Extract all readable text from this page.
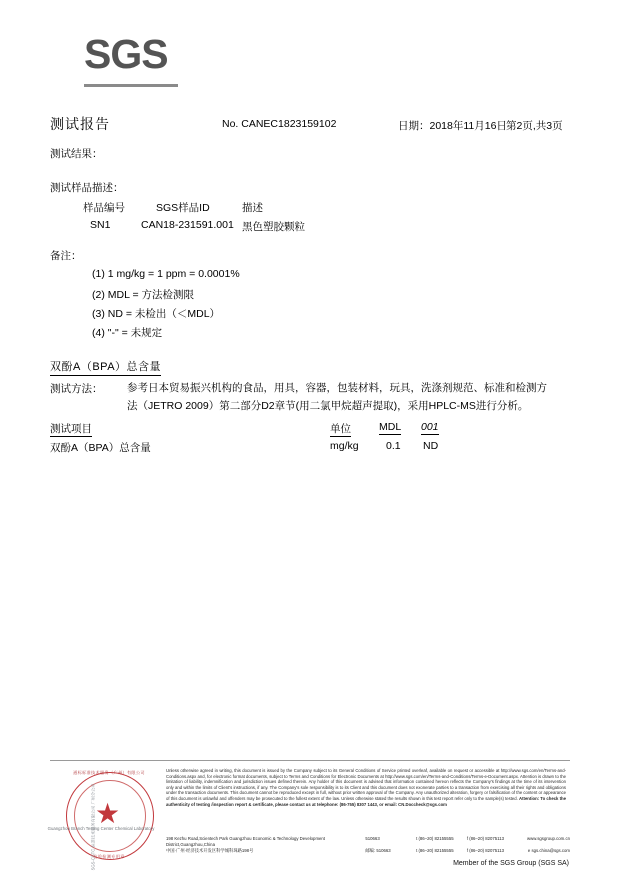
SGS
测试报告	No. CANEC1823159102	日期：2018年11月16日 第2页,共3页
测试结果：
测试样品描述：
样品编号	SGS样品ID	描述
SN1	CAN18-231591.001 黑色塑胶颗粒
备注：
(1) 1 mg/kg = 1 ppm = 0.0001%
(2) MDL = 方法检测限
(3) ND = 未检出（＜MDL）
(4) "-" = 未规定
双酚A（BPA）总含量
测试方法： 参考日本贸易振兴机构的食品，用具，容器，包装材料，玩具，洗涤剂规范、标准和检测方
法（JETRO 2009）第二部分D2章节(用二氯甲烷超声提取)，采用HPLC-MS进行分析。
测试项目	单位	MDL 001
双酚A（BPA）总含量	mg/kg	0.1 ND
★
通标标准技术服务（广州）有限公司
检验检测专用章
SGS-CSTC 标准技术服务有限公司 广州分公司
Guangzhou Branch Testing Center Chemical Laboratory
Unless otherwise agreed in writing, this document is issued by the Company subject to its General Conditions of Service printed overleaf, available on request or accessible at http://www.sgs.com/en/Terms-and-Conditions.aspx and, for electronic format documents, subject to Terms and Conditions for Electronic Documents at http://www.sgs.com/en/Terms-and-Conditions/Terms-e-Document.aspx. Attention is drawn to the limitation of liability, indemnification and jurisdiction issues defined therein. Any holder of this document is advised that information contained hereon reflects the Company's findings at the time of its intervention only and within the limits of Client's instructions, if any. The Company's sole responsibility is to its Client and this document does not exonerate parties to a transaction from exercising all their rights and obligations under the transaction documents. This document cannot be reproduced except in full, without prior written approval of the Company. Any unauthorized alteration, forgery or falsification of the content or appearance of this document is unlawful and offenders may be prosecuted to the fullest extent of the law. Unless otherwise stated the results shown in this test report refer only to the sample(s) tested. Attention: To check the authenticity of testing /inspection report & certificate, please contact us at telephone: (86-755) 8307 1443, or email: CN.Doccheck@sgs.com
198 Kezhu Road,Scientech Park Guangzhou Economic & Technology Development District,Guangzhou,China
510663	t (86–20) 82155555	f (86–20) 82075113	www.sgsgroup.com.cn
中国·广州·经济技术开发区科学城科珠路198号	邮编: 510663	t (86–20) 82155555	f (86–20) 82075113	e sgs.china@sgs.com
Member of the SGS Group (SGS SA)
